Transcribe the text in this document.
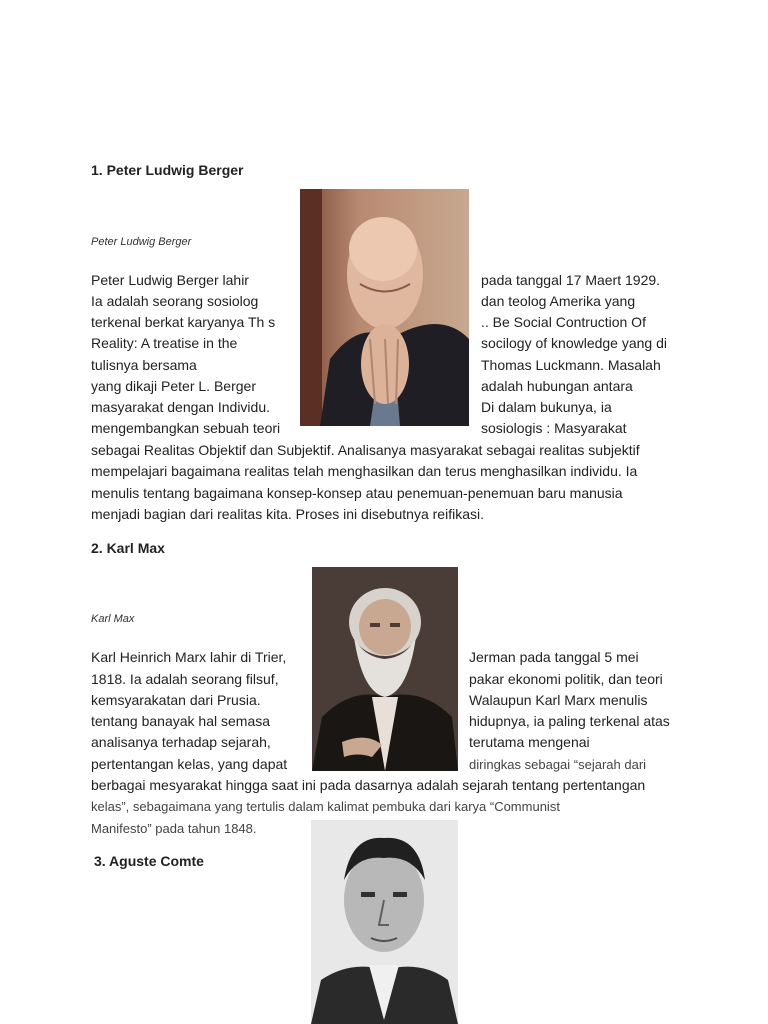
1. Peter Ludwig Berger
Peter Ludwig Berger
Peter Ludwig Berger lahir
Ia adalah seorang sosiolog
terkenal berkat karyanya Th s
Reality: A treatise in the
tulisnya bersama
yang dikaji Peter L. Berger
masyarakat dengan Individu.
mengembangkan sebuah teori
pada tanggal 17 Maert 1929.
dan teolog Amerika yang
.. Be Social Contruction Of
socilogy of knowledge yang di
Thomas Luckmann. Masalah
adalah hubungan antara
Di dalam bukunya, ia
sosiologis : Masyarakat
sebagai Realitas Objektif dan Subjektif. Analisanya masyarakat sebagai realitas subjektif
mempelajari bagaimana realitas telah menghasilkan dan terus menghasilkan individu. Ia
menulis tentang bagaimana konsep-konsep atau penemuan-penemuan baru manusia
menjadi bagian dari realitas kita. Proses ini disebutnya reifikasi.
2. Karl Max
Karl Max
Karl Heinrich Marx lahir di Trier,
1818. Ia adalah seorang filsuf,
kemsyarakatan dari Prusia.
tentang banayak hal semasa
analisanya terhadap sejarah,
pertentangan kelas, yang dapat
Jerman pada tanggal 5 mei
pakar ekonomi politik, dan teori
Walaupun Karl Marx menulis
hidupnya, ia paling terkenal atas
terutama mengenai
diringkas sebagai “sejarah dari
berbagai mesyarakat hingga saat ini pada dasarnya adalah sejarah tentang pertentangan
kelas”, sebagaimana yang tertulis dalam kalimat pembuka dari karya “Communist
Manifesto” pada tahun 1848.
3. Aguste Comte
